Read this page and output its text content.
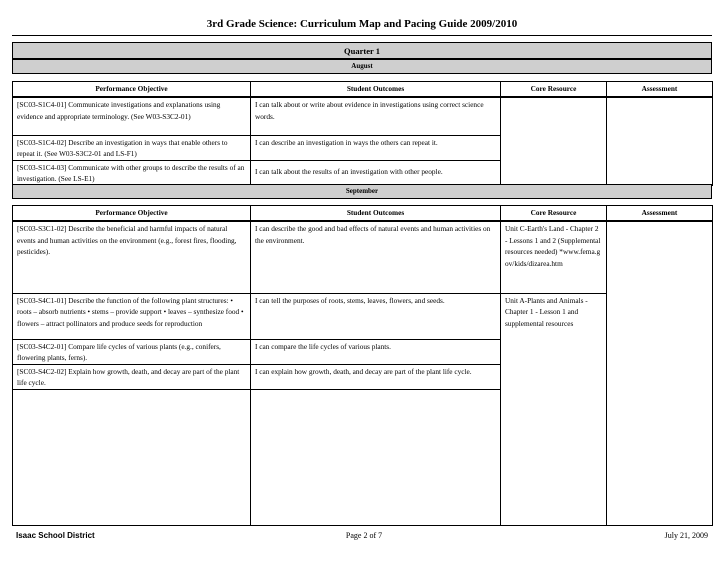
3rd Grade Science: Curriculum Map and Pacing Guide 2009/2010
Quarter 1
August
Performance Objective	Student Outcomes	Core Resource	Assessment
[SC03-S1C4-01] Communicate investigations and explanations using evidence and appropriate terminology. (See W03-S3C2-01)	I can talk about or write about evidence in investigations using correct science words.		
[SC03-S1C4-02] Describe an investigation in ways that enable others to repeat it. (See W03-S3C2-01 and LS-F1)	I can describe an investigation in ways the others can repeat it.		
[SC03-S1C4-03] Communicate with other groups to describe the results of an investigation. (See LS-E1)	I can talk about the results of an investigation with other people.		
September
Performance Objective	Student Outcomes	Core Resource	Assessment
[SC03-S3C1-02] Describe the beneficial and harmful impacts of natural events and human activities on the environment (e.g., forest fires, flooding, pesticides).	I can describe the good and bad effects of natural events and human activities on the environment.	Unit C-Earth's Land - Chapter 2 - Lessons 1 and 2 (Supplemental resources needed) *www.fema.gov/kids/dizarea.htm	
[SC03-S4C1-01] Describe the function of the following plant structures: • roots – absorb nutrients • stems – provide support • leaves – synthesize food • flowers – attract pollinators and produce seeds for reproduction	I can tell the purposes of roots, stems, leaves, flowers, and seeds.	Unit A-Plants and Animals - Chapter 1 - Lesson 1 and supplemental resources	
[SC03-S4C2-01] Compare life cycles of various plants (e.g., conifers, flowering plants, ferns).	I can compare the life cycles of various plants.		
[SC03-S4C2-02] Explain how growth, death, and decay are part of the plant life cycle.	I can explain how growth, death, and decay are part of the plant life cycle.		

Isaac School District	Page 2 of 7	July 21, 2009
